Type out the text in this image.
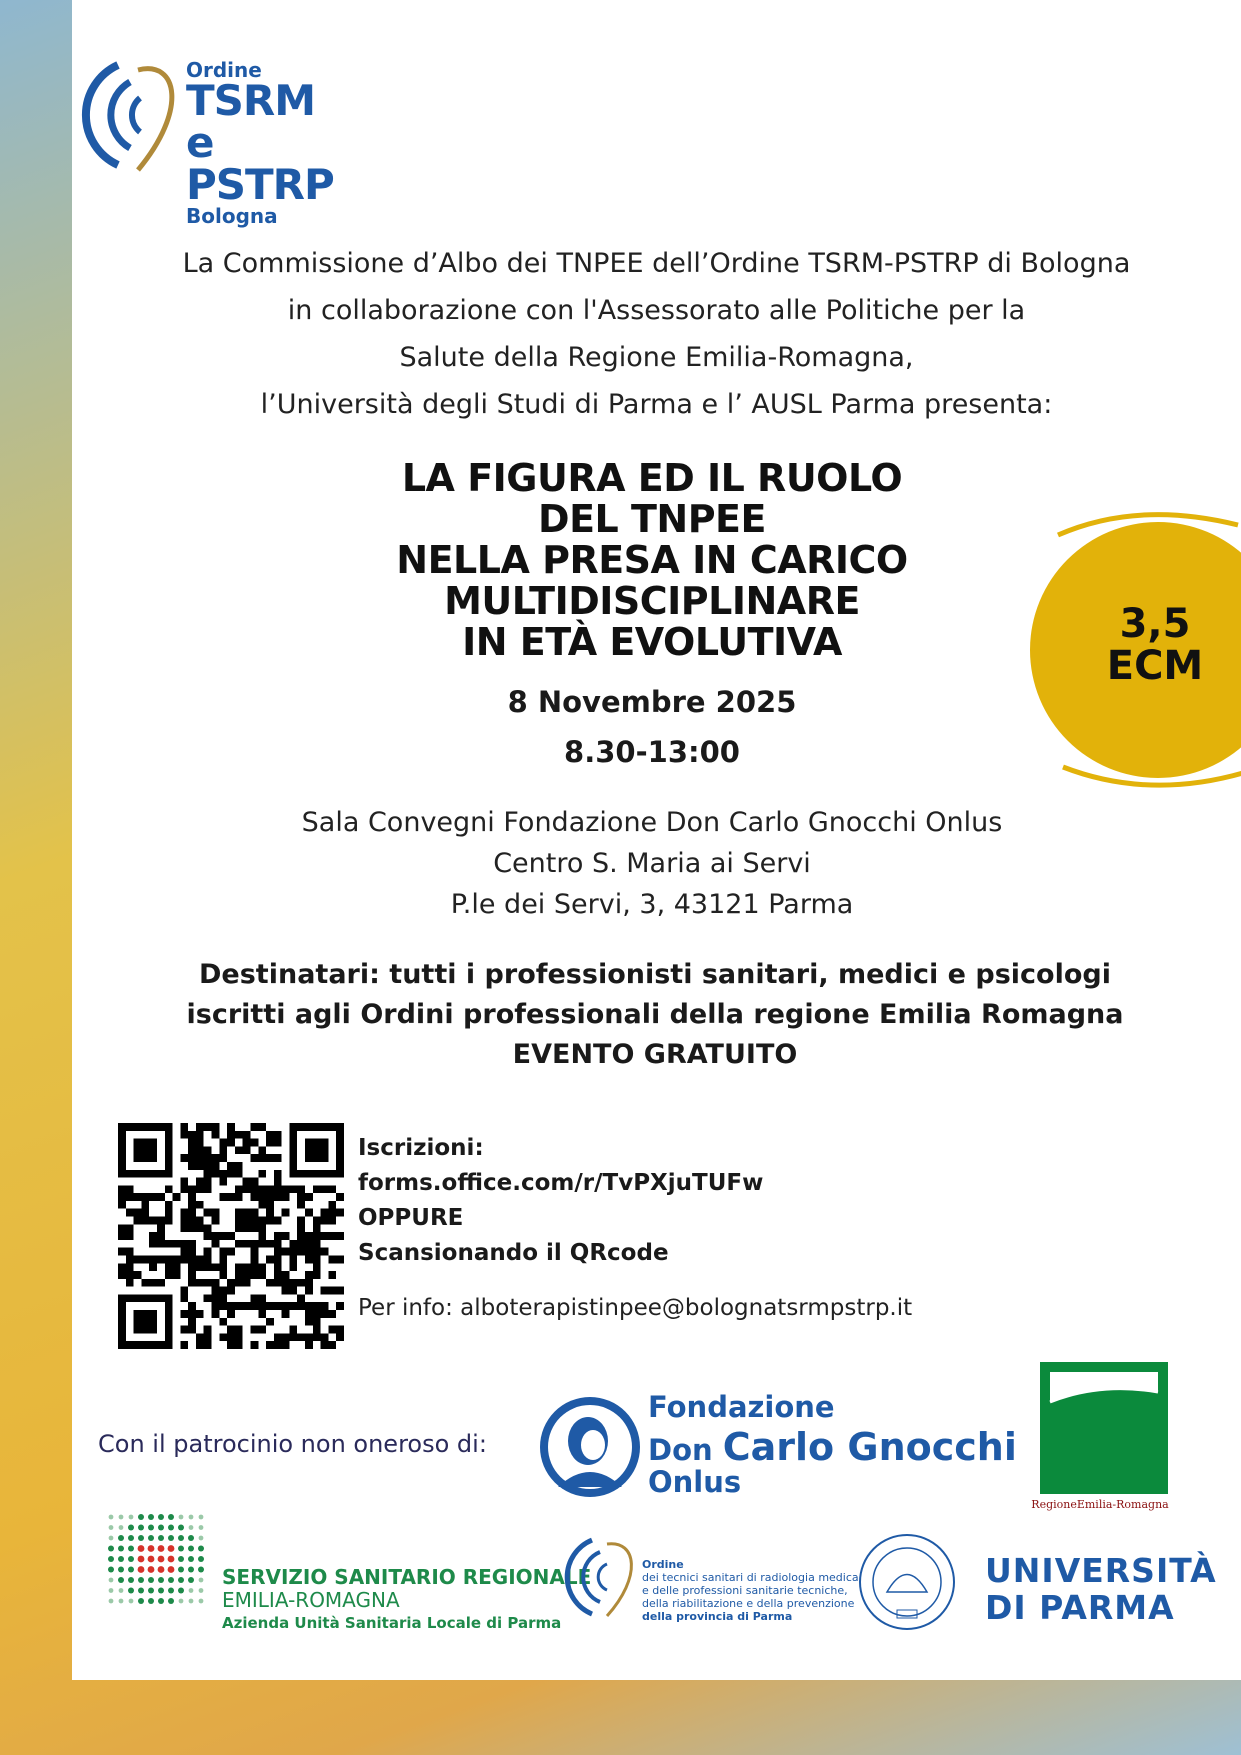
Ordine
TSRM e
PSTRP
Bologna
La Commissione d’Albo dei TNPEE dell’Ordine TSRM-PSTRP di Bologna
in collaborazione con l'Assessorato alle Politiche per la
Salute della Regione Emilia-Romagna,
l’Università degli Studi di Parma e l’ AUSL Parma presenta:
LA FIGURA ED IL RUOLO
DEL TNPEE
NELLA PRESA IN CARICO
MULTIDISCIPLINARE
IN ETÀ EVOLUTIVA	3,5
ECM
8 Novembre 2025
8.30-13:00
Sala Convegni Fondazione Don Carlo Gnocchi Onlus
Centro S. Maria ai Servi
P.le dei Servi, 3, 43121 Parma
Destinatari: tutti i professionisti sanitari, medici e psicologi
iscritti agli Ordini professionali della regione Emilia Romagna
EVENTO GRATUITO
Iscrizioni:
forms.office.com/r/TvPXjuTUFw
OPPURE
Scansionando il QRcode
Per info: alboterapistinpee@bolognatsrmpstrp.it
Con il patrocinio non oneroso di:
Fondazione
Don Carlo Gnocchi
Onlus
RegioneEmilia-Romagna
SERVIZIO SANITARIO REGIONALE
EMILIA-ROMAGNA
Azienda Unità Sanitaria Locale di Parma
Ordine
dei tecnici sanitari di radiologia medica
e delle professioni sanitarie tecniche,
della riabilitazione e della prevenzione
della provincia di Parma
UNIVERSITÀ
DI PARMA
